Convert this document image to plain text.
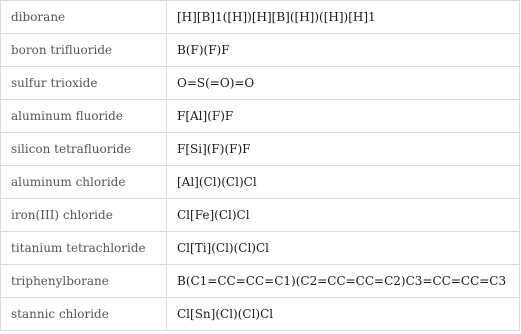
diborane	[H][B]1([H])[H][B]([H])([H])[H]1
boron trifluoride	B(F)(F)F
sulfur trioxide	O=S(=O)=O
aluminum fluoride	F[Al](F)F
silicon tetrafluoride	F[Si](F)(F)F
aluminum chloride	[Al](Cl)(Cl)Cl
iron(III) chloride	Cl[Fe](Cl)Cl
titanium tetrachloride	Cl[Ti](Cl)(Cl)Cl
triphenylborane	B(C1=CC=CC=C1)(C2=CC=CC=C2)C3=CC=CC=C3
stannic chloride	Cl[Sn](Cl)(Cl)Cl
